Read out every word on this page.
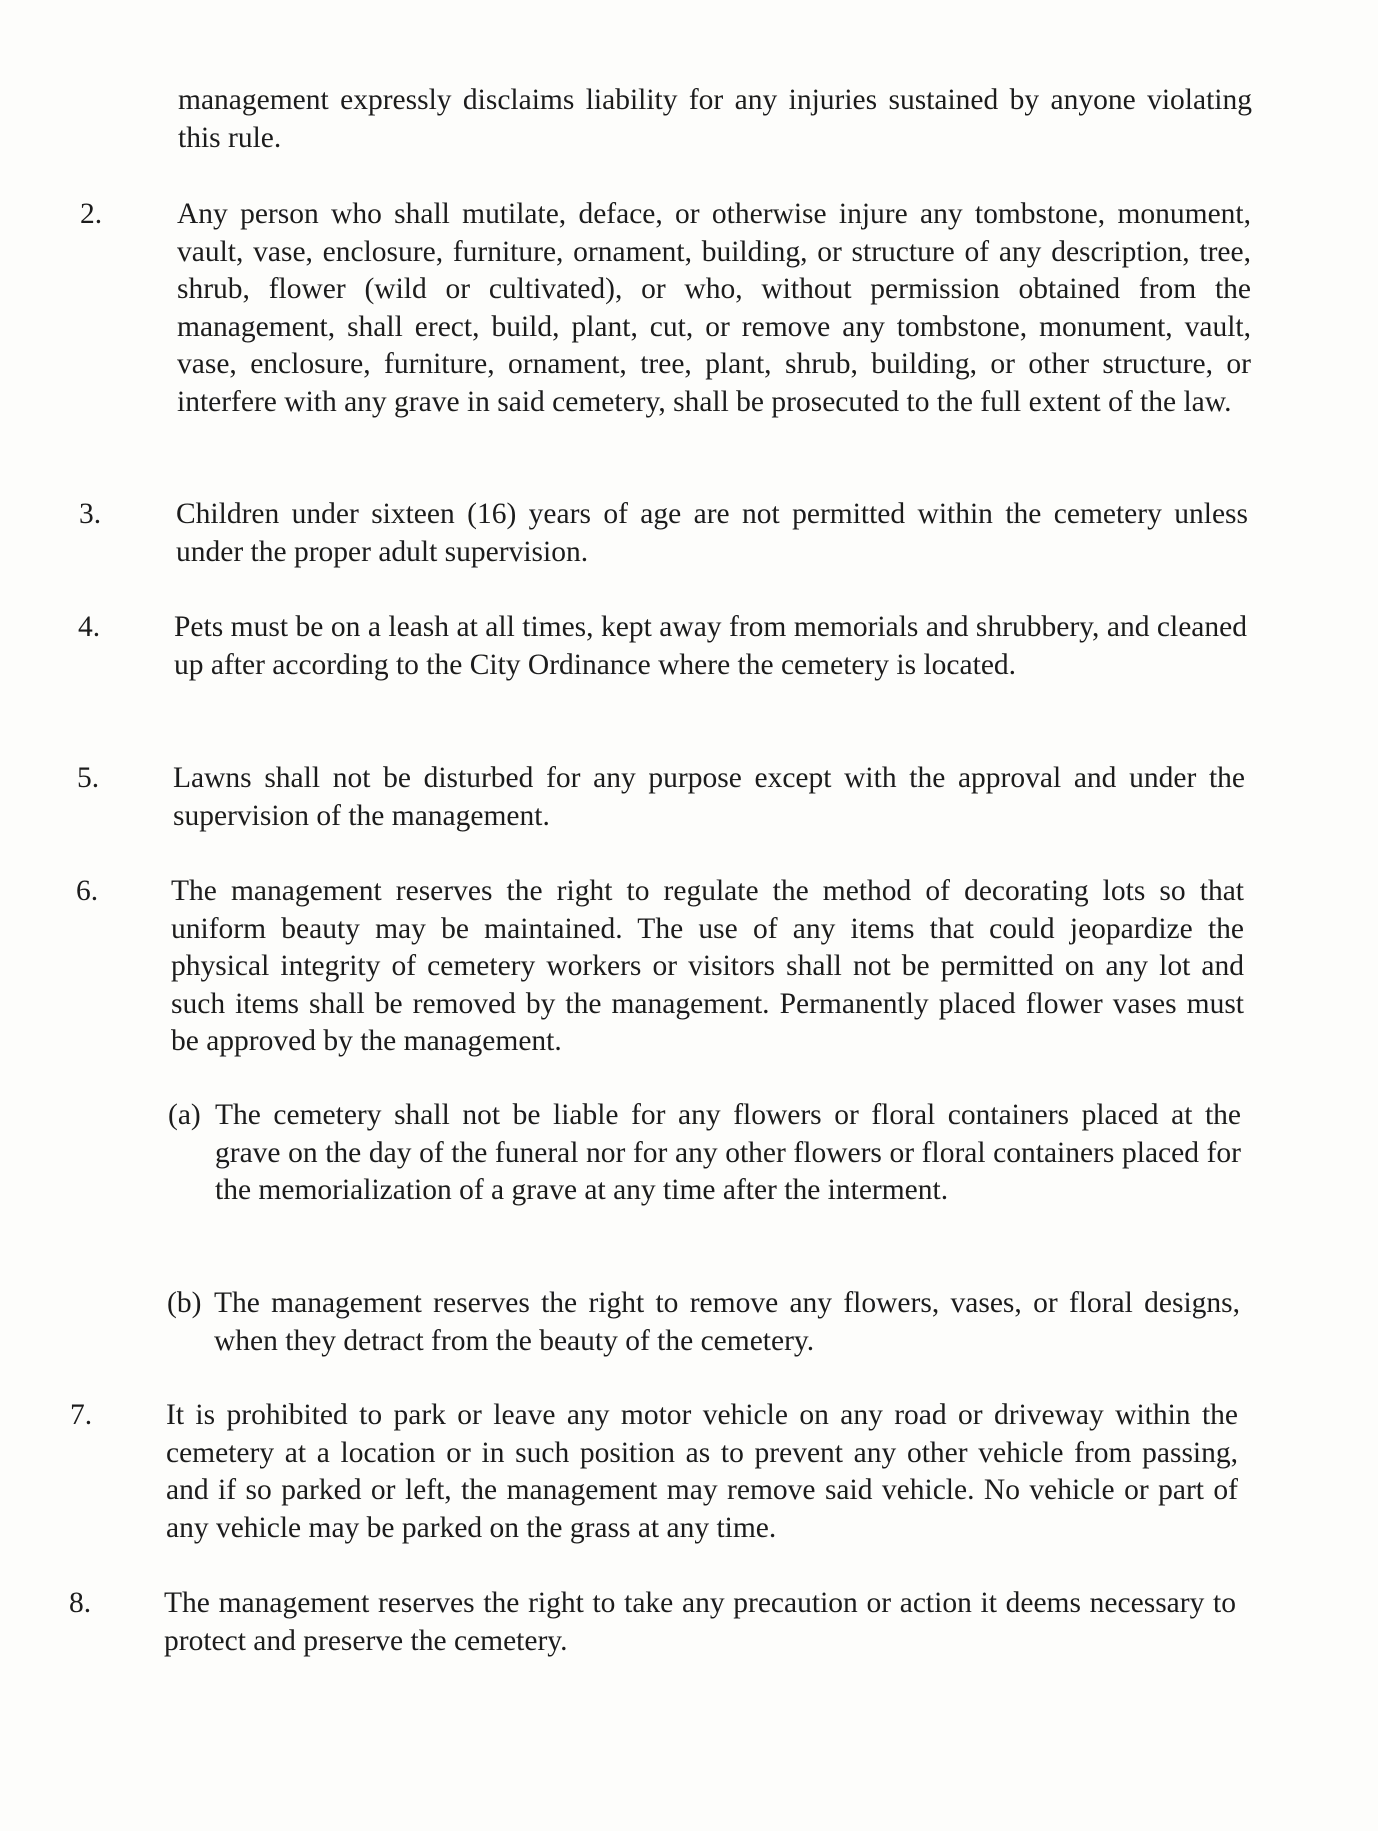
management expressly disclaims liability for any injuries sustained by anyone violating this rule.

2.	Any person who shall mutilate, deface, or otherwise injure any tombstone, monument, vault, vase, enclosure, furniture, ornament, building, or structure of any description, tree, shrub, flower (wild or cultivated), or who, without permission obtained from the management, shall erect, build, plant, cut, or remove any tombstone, monument, vault, vase, enclosure, furniture, ornament, tree, plant, shrub, building, or other structure, or interfere with any grave in said cemetery, shall be prosecuted to the full extent of the law.

3.	Children under sixteen (16) years of age are not permitted within the cemetery unless under the proper adult supervision.

4.	Pets must be on a leash at all times, kept away from memorials and shrubbery, and cleaned up after according to the City Ordinance where the cemetery is located.

5.	Lawns shall not be disturbed for any purpose except with the approval and under the supervision of the management.

6. The management reserves the right to regulate the method of decorating lots so that uniform beauty may be maintained. The use of any items that could jeopardize the physical integrity of cemetery workers or visitors shall not be permitted on any lot and such items shall be removed by the management. Permanently placed flower vases must be approved by the management.

(a) The cemetery shall not be liable for any flowers or floral containers placed at the grave on the day of the funeral nor for any other flowers or floral containers placed for the memorialization of a grave at any time after the interment.

(b) The management reserves the right to remove any flowers, vases, or floral designs, when they detract from the beauty of the cemetery.

7.	It is prohibited to park or leave any motor vehicle on any road or driveway within the cemetery at a location or in such position as to prevent any other vehicle from passing, and if so parked or left, the management may remove said vehicle. No vehicle or part of any vehicle may be parked on the grass at any time.

8. The management reserves the right to take any precaution or action it deems necessary to protect and preserve the cemetery.
